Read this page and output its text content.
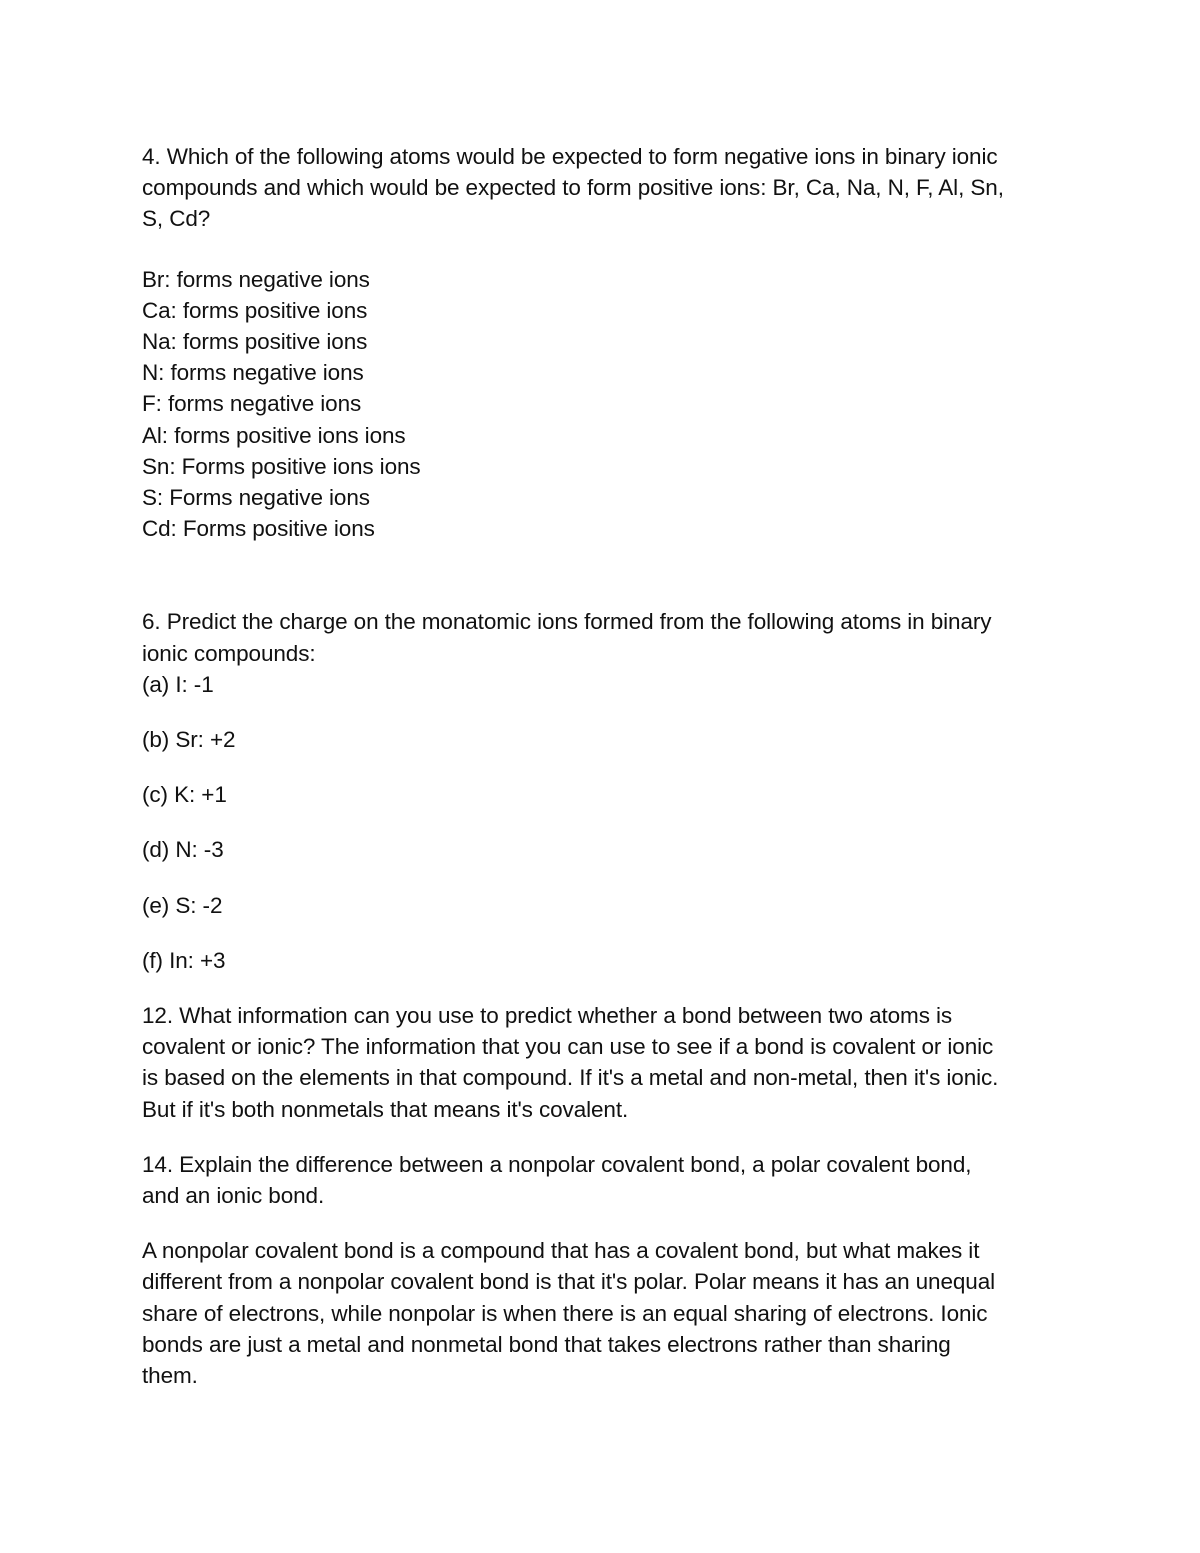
4. Which of the following atoms would be expected to form negative ions in binary ionic
compounds and which would be expected to form positive ions: Br, Ca, Na, N, F, Al, Sn,
S, Cd?
Br: forms negative ions
Ca: forms positive ions
Na: forms positive ions
N: forms negative ions
F: forms negative ions
Al: forms positive ions ions
Sn: Forms positive ions ions
S: Forms negative ions
Cd: Forms positive ions
6. Predict the charge on the monatomic ions formed from the following atoms in binary
ionic compounds:
(a) I: -1
(b) Sr: +2
(c) K: +1
(d) N: -3
(e) S: -2
(f) In: +3
12. What information can you use to predict whether a bond between two atoms is
covalent or ionic? The information that you can use to see if a bond is covalent or ionic
is based on the elements in that compound. If it's a metal and non-metal, then it's ionic.
But if it's both nonmetals that means it's covalent.
14. Explain the difference between a nonpolar covalent bond, a polar covalent bond,
and an ionic bond.
A nonpolar covalent bond is a compound that has a covalent bond, but what makes it
different from a nonpolar covalent bond is that it's polar. Polar means it has an unequal
share of electrons, while nonpolar is when there is an equal sharing of electrons. Ionic
bonds are just a metal and nonmetal bond that takes electrons rather than sharing
them.
